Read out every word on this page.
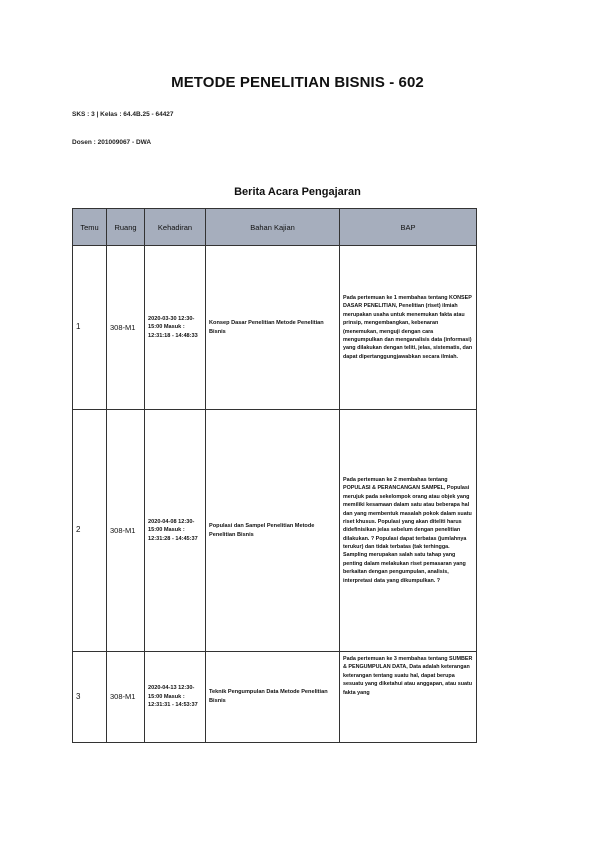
METODE PENELITIAN BISNIS - 602
SKS : 3 | Kelas : 64.4B.25 - 64427
Dosen : 201009067 - DWA
Berita Acara Pengajaran
Temu	Ruang	Kehadiran	Bahan Kajian	BAP
1	308-M1	2020-03-30 12:30-15:00 Masuk : 12:31:18 - 14:48:33	Konsep Dasar Penelitian Metode Penelitian Bisnis	Pada pertemuan ke 1 membahas tentang KONSEP DASAR PENELITIAN, Penelitian (riset) ilmiah merupakan usaha untuk menemukan fakta atau prinsip, mengembangkan, kebenaran (menemukan, menguji dengan cara mengumpulkan dan menganalisis data (informasi) yang dilakukan dengan teliti, jelas, sistematis, dan dapat dipertanggungjawabkan secara ilmiah.
2	308-M1	2020-04-08 12:30-15:00 Masuk : 12:31:28 - 14:45:37	Populasi dan Sampel Penelitian Metode Penelitian Bisnis	Pada pertemuan ke 2 membahas tentang POPULASI & PERANCANGAN SAMPEL, Populasi merujuk pada sekelompok orang atau objek yang memiliki kesamaan dalam satu atau beberapa hal dan yang membentuk masalah pokok dalam suatu riset khusus. Populasi yang akan diteliti harus didefinisikan jelas sebelum dengan penelitian dilakukan. ? Populasi dapat terbatas (jumlahnya terukur) dan tidak terbatas (tak terhingga. Sampling merupakan salah satu tahap yang penting dalam melakukan riset pemasaran yang berkaitan dengan pengumpulan, analisis, interpretasi data yang dikumpulkan. ?
3	308-M1	2020-04-13 12:30-15:00 Masuk : 12:31:31 - 14:53:37	Teknik Pengumpulan Data Metode Penelitian Bisnis	Pada pertemuan ke 3 membahas tentang SUMBER & PENGUMPULAN DATA, Data adalah keterangan keterangan tentang suatu hal, dapat berupa sesuatu yang diketahui atau anggapan, atau suatu fakta yang
